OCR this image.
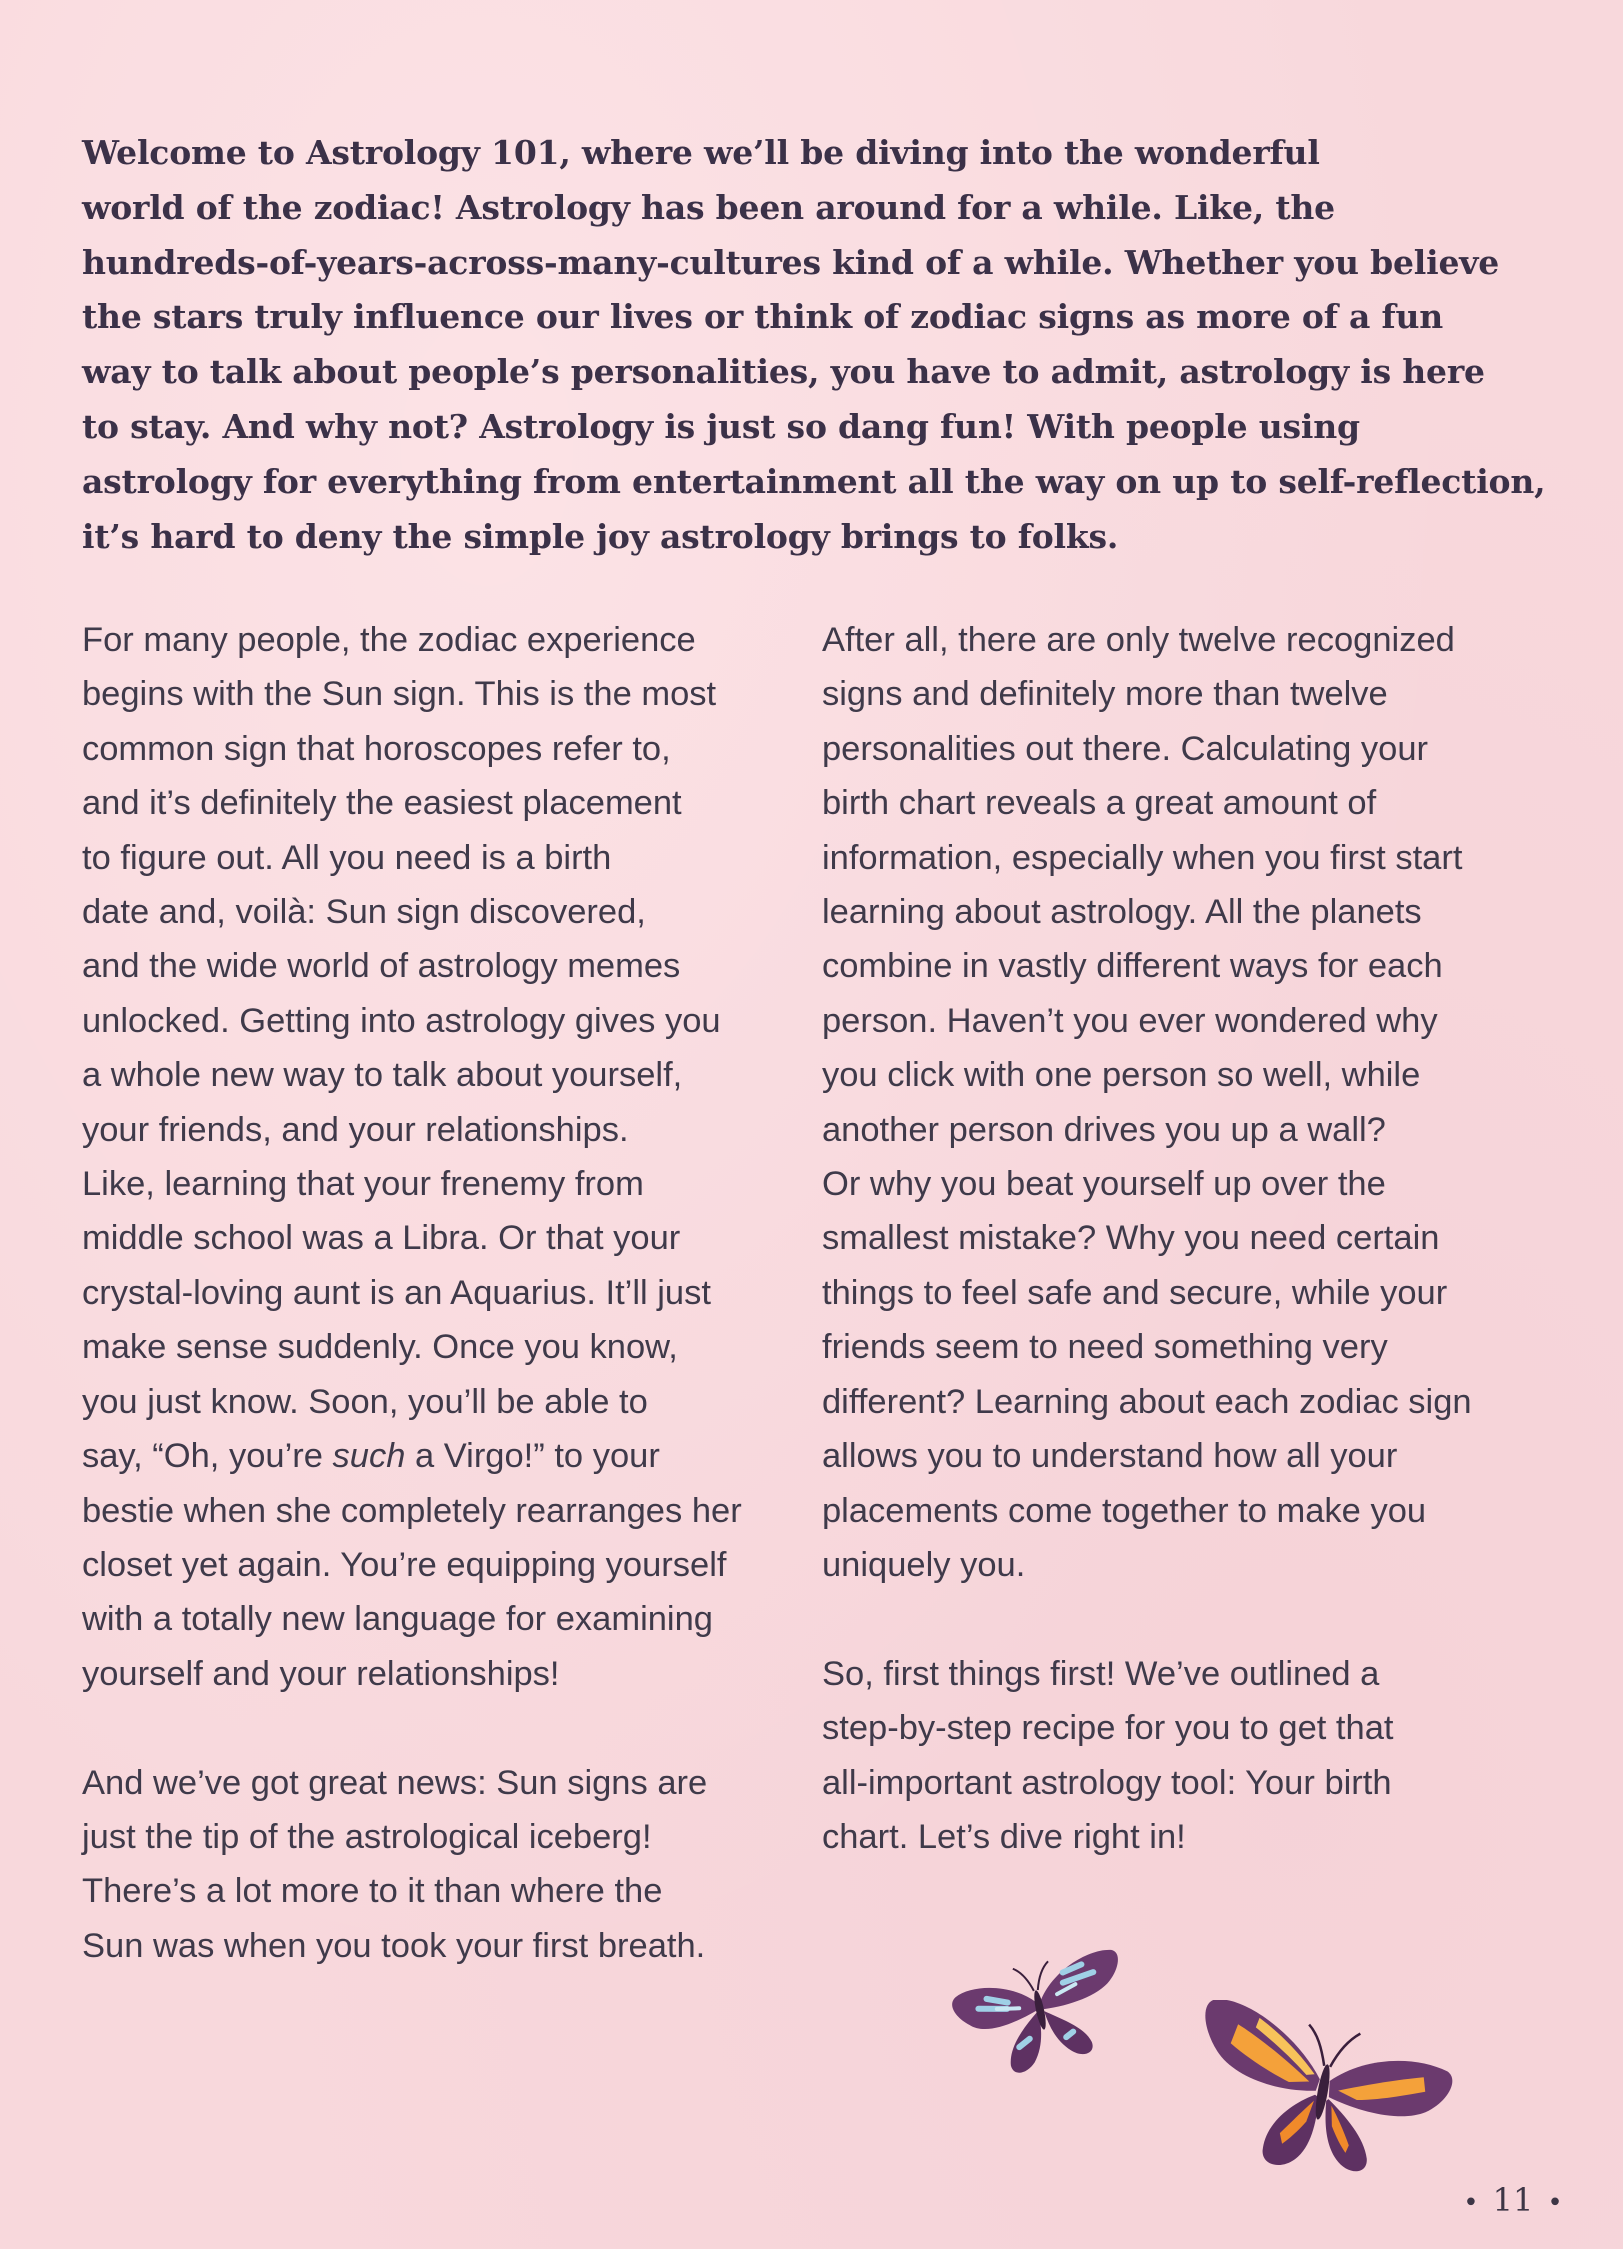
Welcome to Astrology 101, where we’ll be diving into the wonderful
world of the zodiac! Astrology has been around for a while. Like, the
hundreds-of-years-across-many-cultures kind of a while. Whether you believe
the stars truly influence our lives or think of zodiac signs as more of a fun
way to talk about people’s personalities, you have to admit, astrology is here
to stay. And why not? Astrology is just so dang fun! With people using
astrology for everything from entertainment all the way on up to self-reflection,
it’s hard to deny the simple joy astrology brings to folks.
For many people, the zodiac experience
begins with the Sun sign. This is the most
common sign that horoscopes refer to,
and it’s definitely the easiest placement
to figure out. All you need is a birth
date and, voilà: Sun sign discovered,
and the wide world of astrology memes
unlocked. Getting into astrology gives you
a whole new way to talk about yourself,
your friends, and your relationships.
Like, learning that your frenemy from
middle school was a Libra. Or that your
crystal-loving aunt is an Aquarius. It’ll just
make sense suddenly. Once you know,
you just know. Soon, you’ll be able to
say, “Oh, you’re such a Virgo!” to your
bestie when she completely rearranges her
closet yet again. You’re equipping yourself
with a totally new language for examining
yourself and your relationships!
And we’ve got great news: Sun signs are
just the tip of the astrological iceberg!
There’s a lot more to it than where the
Sun was when you took your first breath.
After all, there are only twelve recognized
signs and definitely more than twelve
personalities out there. Calculating your
birth chart reveals a great amount of
information, especially when you first start
learning about astrology. All the planets
combine in vastly different ways for each
person. Haven’t you ever wondered why
you click with one person so well, while
another person drives you up a wall?
Or why you beat yourself up over the
smallest mistake? Why you need certain
things to feel safe and secure, while your
friends seem to need something very
different? Learning about each zodiac sign
allows you to understand how all your
placements come together to make you
uniquely you.
So, first things first! We’ve outlined a
step-by-step recipe for you to get that
all-important astrology tool: Your birth
chart. Let’s dive right in!
• 11 •
